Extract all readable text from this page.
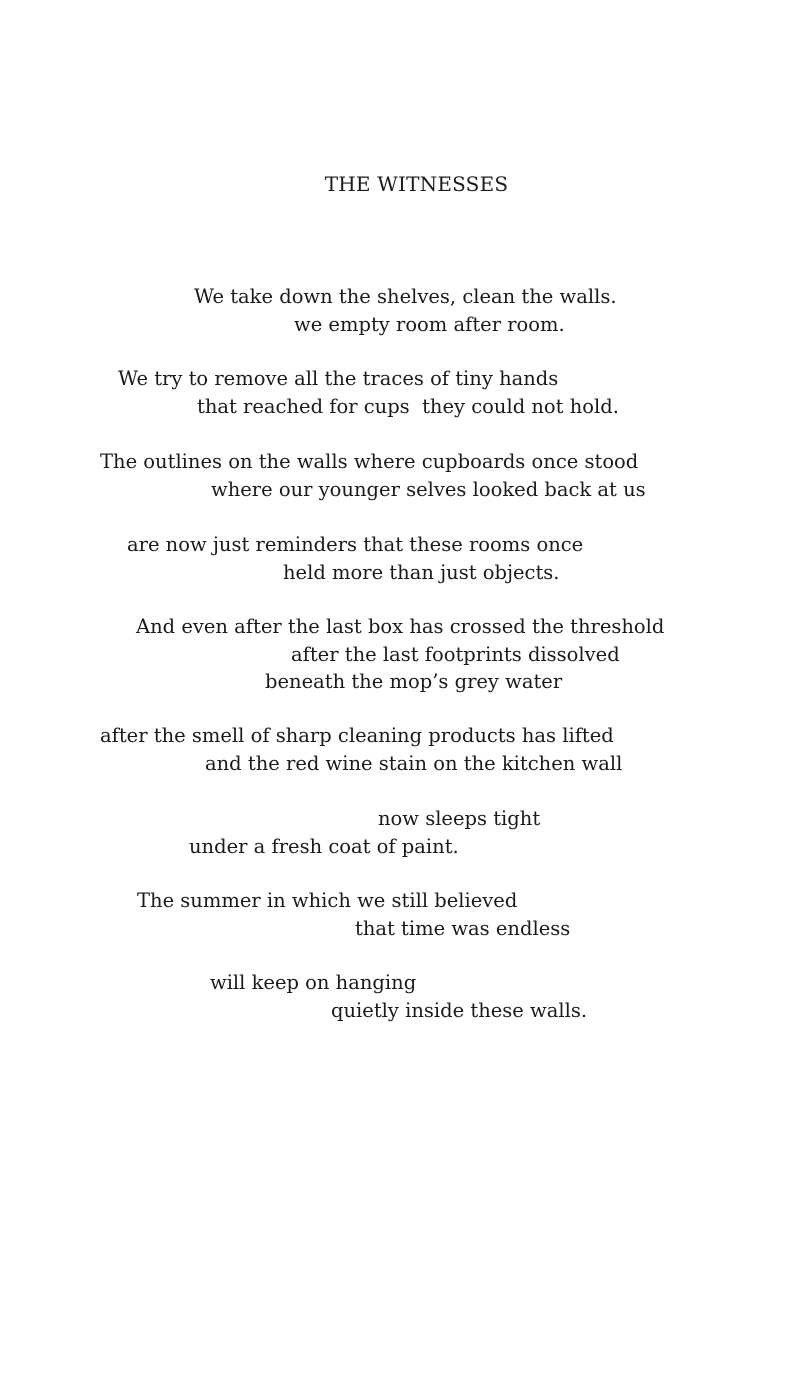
THE WITNESSES
We take down the shelves, clean the walls.
we empty room after room.
We try to remove all the traces of tiny hands
that reached for cups  they could not hold.
The outlines on the walls where cupboards once stood
where our younger selves looked back at us
are now just reminders that these rooms once
held more than just objects.
And even after the last box has crossed the threshold
after the last footprints dissolved
beneath the mop’s grey water
after the smell of sharp cleaning products has lifted
and the red wine stain on the kitchen wall
now sleeps tight
under a fresh coat of paint.
The summer in which we still believed
that time was endless
will keep on hanging
quietly inside these walls.
